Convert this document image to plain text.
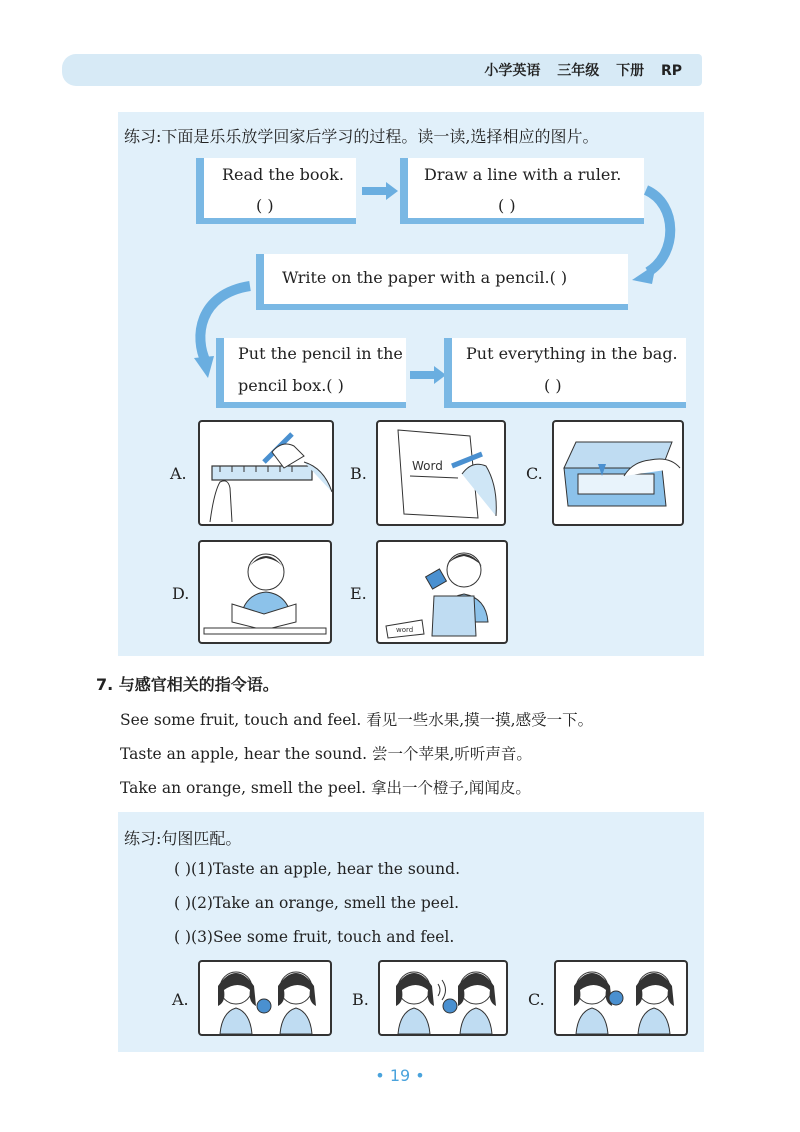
小学英语 三年级 下册 RP
练习:下面是乐乐放学回家后学习的过程。读一读,选择相应的图片。
Read the book.
( )
Draw a line with a ruler.
( )
Write on the paper with a pencil.( )
Put the pencil in the
pencil box.( )
Put everything in the bag.
( )
A.	B.	Word	C.
D.	E.
word
7. 与感官相关的指令语。
See some fruit, touch and feel. 看见一些水果,摸一摸,感受一下。
Taste an apple, hear the sound. 尝一个苹果,听听声音。
Take an orange, smell the peel. 拿出一个橙子,闻闻皮。
练习:句图匹配。
( )(1)Taste an apple, hear the sound.
( )(2)Take an orange, smell the peel.
( )(3)See some fruit, touch and feel.
A.	B.	C.
• 19 •
